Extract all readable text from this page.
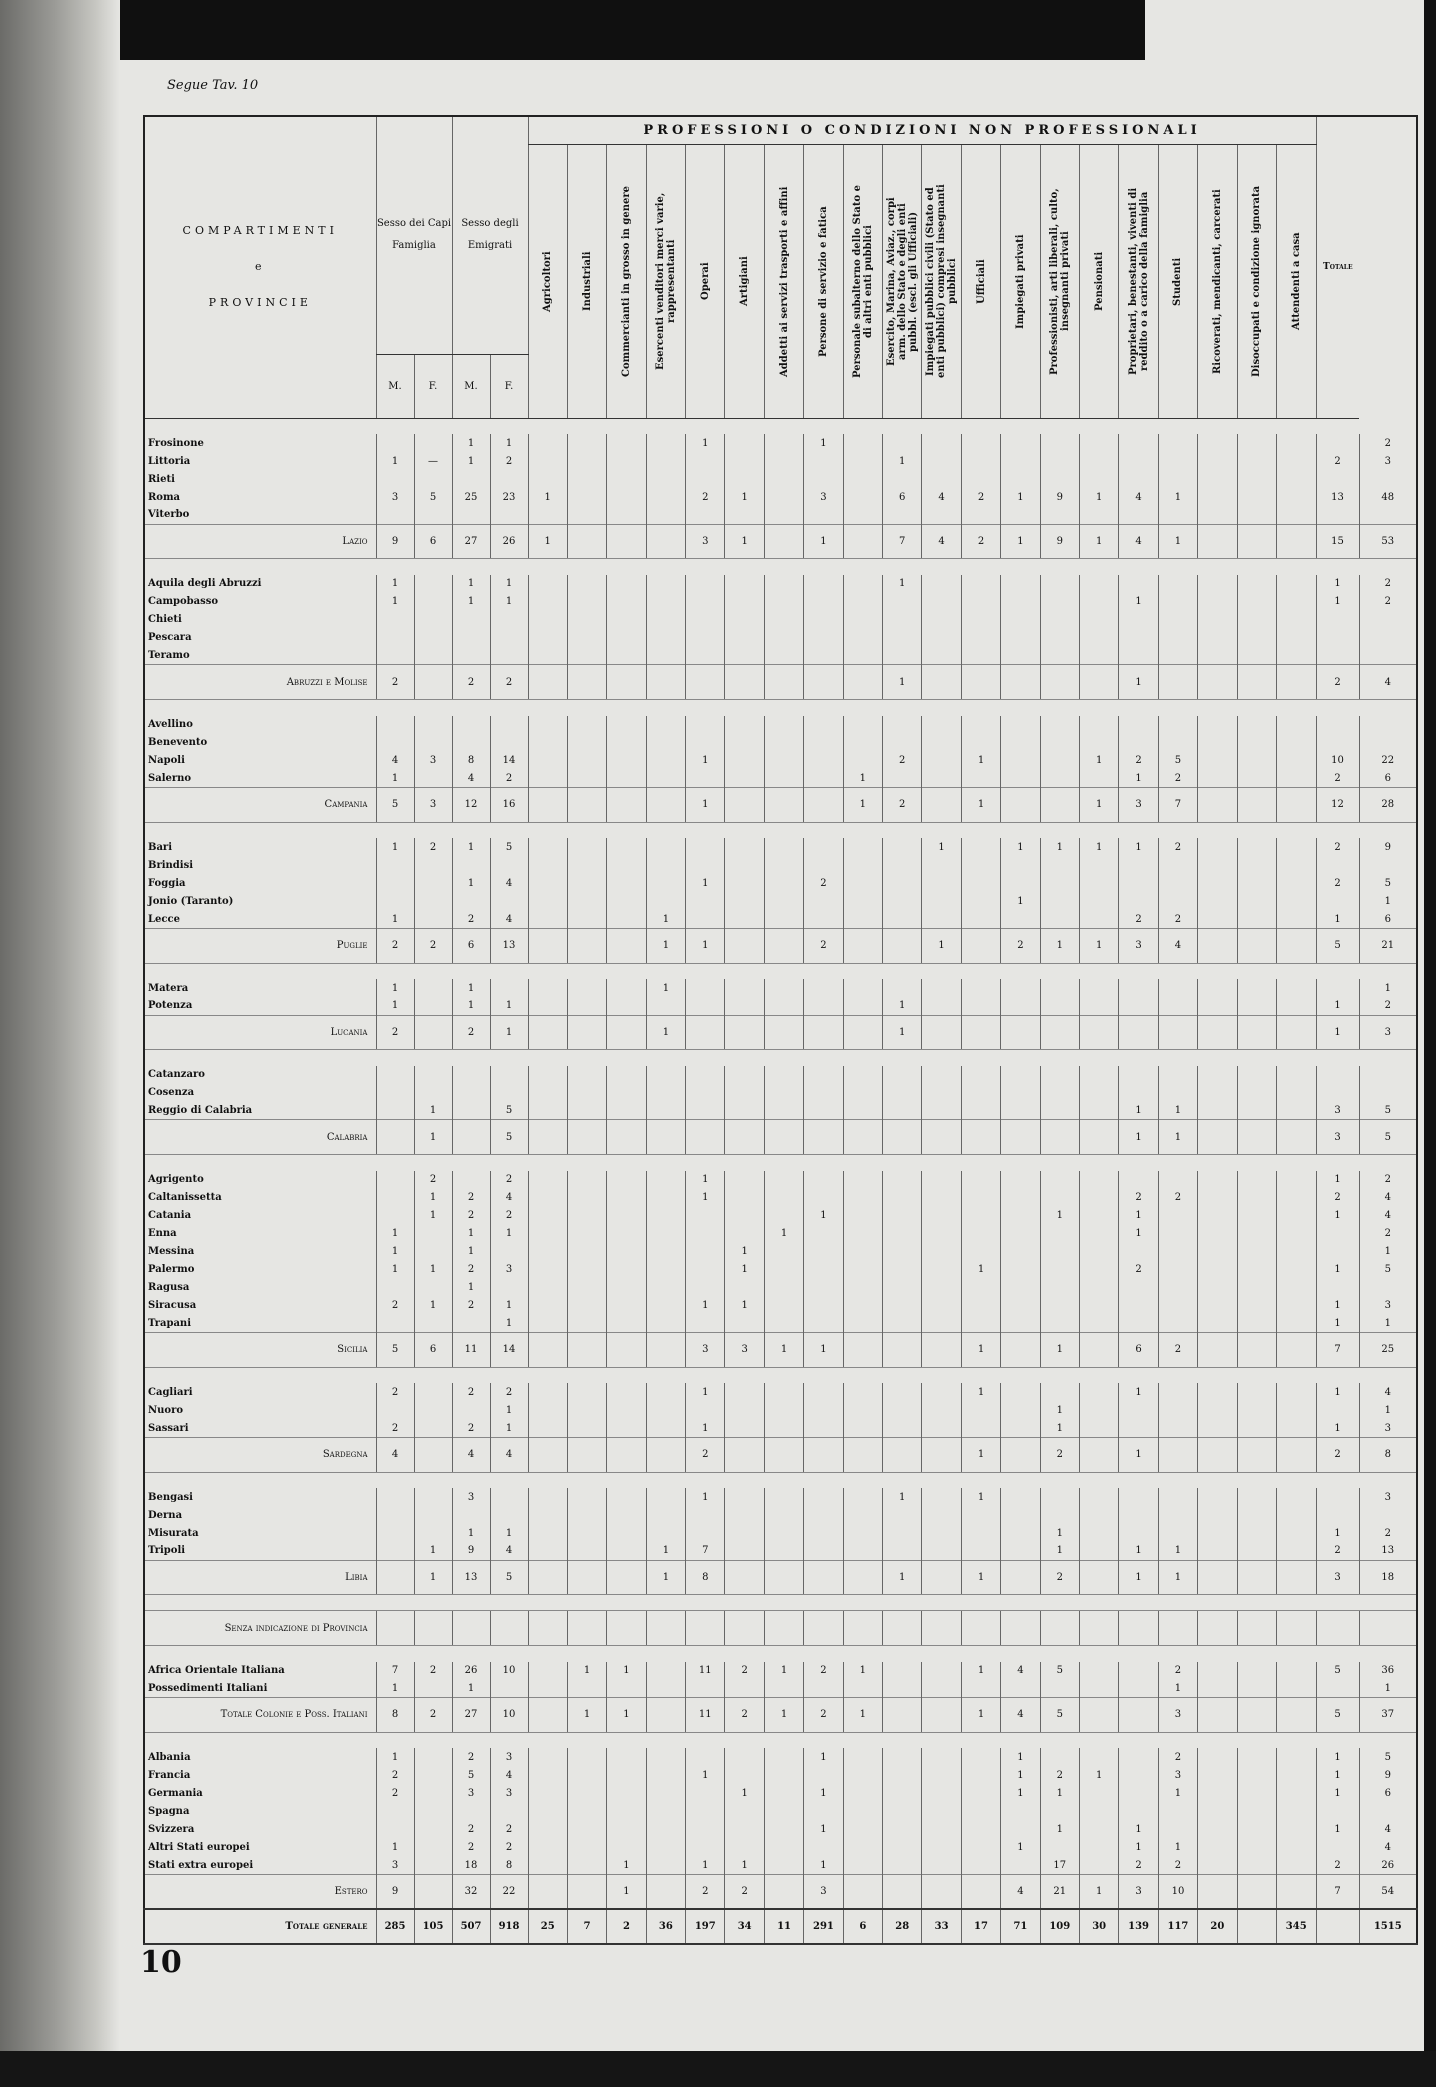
Segue Tav. 10
COMPARTIMENTI
e
PROVINCIE	Sesso dei Capi Famiglia		Sesso degli Emigrati		PROFESSIONI O CONDIZIONI NON PROFESSIONALI																				Totale	

					Agricoltori	Industriali	Commercianti in grosso in genere	Esercenti venditori merci varie, rappresentanti	Operai	Artigiani	Addetti ai servizi trasporti e affini	Persone di servizio e fatica	Personale subalterno dello Stato e di altri enti pubblici	Esercito, Marina, Aviaz., corpi arm. dello Stato e degli enti pubbl. (escl. gli Ufficiali)	Impiegati pubblici civili (Stato ed enti pubblici) compresi insegnanti pubblici	Ufficiali	Impiegati privati	Professionisti, arti liberali, culto, insegnanti privati	Pensionati	Proprietari, benestanti, viventi di reddito o a carico della famiglia	Studenti	Ricoverati, mendicanti, carcerati	Disoccupati e condizione ignorata	Attendenti a casa		

	M.	F.	M.	F.																						

Frosinone			1	1					1			1														2
Littoria	1	—	1	2										1											2	3
Rieti																										
Roma	3	5	25	23	1				2	1		3		6	4	2	1	9	1	4	1				13	48
Viterbo																										
Lazio	9	6	27	26	1				3	1		1		7	4	2	1	9	1	4	1				15	53

Aquila degli Abruzzi	1		1	1										1											1	2
Campobasso	1		1	1																1					1	2
Chieti																										
Pescara																										
Teramo																										
Abruzzi e Molise	2		2	2										1						1					2	4

Avellino																										
Benevento																										
Napoli	4	3	8	14					1					2		1			1	2	5				10	22
Salerno	1		4	2									1							1	2				2	6
Campania	5	3	12	16					1				1	2		1			1	3	7				12	28

Bari	1	2	1	5											1		1	1	1	1	2				2	9
Brindisi																										
Foggia			1	4					1			2													2	5
Jonio (Taranto)																	1									1
Lecce	1		2	4				1												2	2				1	6
Puglie	2	2	6	13				1	1			2			1		2	1	1	3	4				5	21

Matera	1		1					1																		1
Potenza	1		1	1										1											1	2
Lucania	2		2	1				1						1											1	3

Catanzaro																										
Cosenza																										
Reggio di Calabria		1		5																1	1				3	5
Calabria		1		5																1	1				3	5

Agrigento		2		2					1																1	2
Caltanissetta		1	2	4					1											2	2				2	4
Catania		1	2	2								1						1		1					1	4
Enna	1		1	1							1									1						2
Messina	1		1							1																1
Palermo	1	1	2	3						1						1				2					1	5
Ragusa			1																							
Siracusa	2	1	2	1					1	1															1	3
Trapani				1																					1	1
Sicilia	5	6	11	14					3	3	1	1				1		1		6	2				7	25

Cagliari	2		2	2					1							1				1					1	4
Nuoro				1														1								1
Sassari	2		2	1					1									1							1	3
Sardegna	4		4	4					2							1		2		1					2	8

Bengasi			3						1					1		1										3
Derna																										
Misurata			1	1														1							1	2
Tripoli		1	9	4				1	7									1		1	1				2	13
Libia		1	13	5				1	8					1		1		2		1	1				3	18

Senza indicazione di Provincia																										

Africa Orientale Italiana	7	2	26	10		1	1		11	2	1	2	1			1	4	5			2				5	36
Possedimenti Italiani	1		1																		1					1
Totale Colonie e Poss. Italiani	8	2	27	10		1	1		11	2	1	2	1			1	4	5			3				5	37

Albania	1		2	3								1					1				2				1	5
Francia	2		5	4					1								1	2	1		3				1	9
Germania	2		3	3						1		1					1	1			1				1	6
Spagna																										
Svizzera			2	2								1						1		1					1	4
Altri Stati europei	1		2	2													1			1	1					4
Stati extra europei	3		18	8			1		1	1		1						17		2	2				2	26
Estero	9		32	22			1		2	2		3					4	21	1	3	10				7	54
Totale generale	285	105	507	918	25	7	2	36	197	34	11	291	6	28	33	17	71	109	30	139	117	20		345		1515
10
